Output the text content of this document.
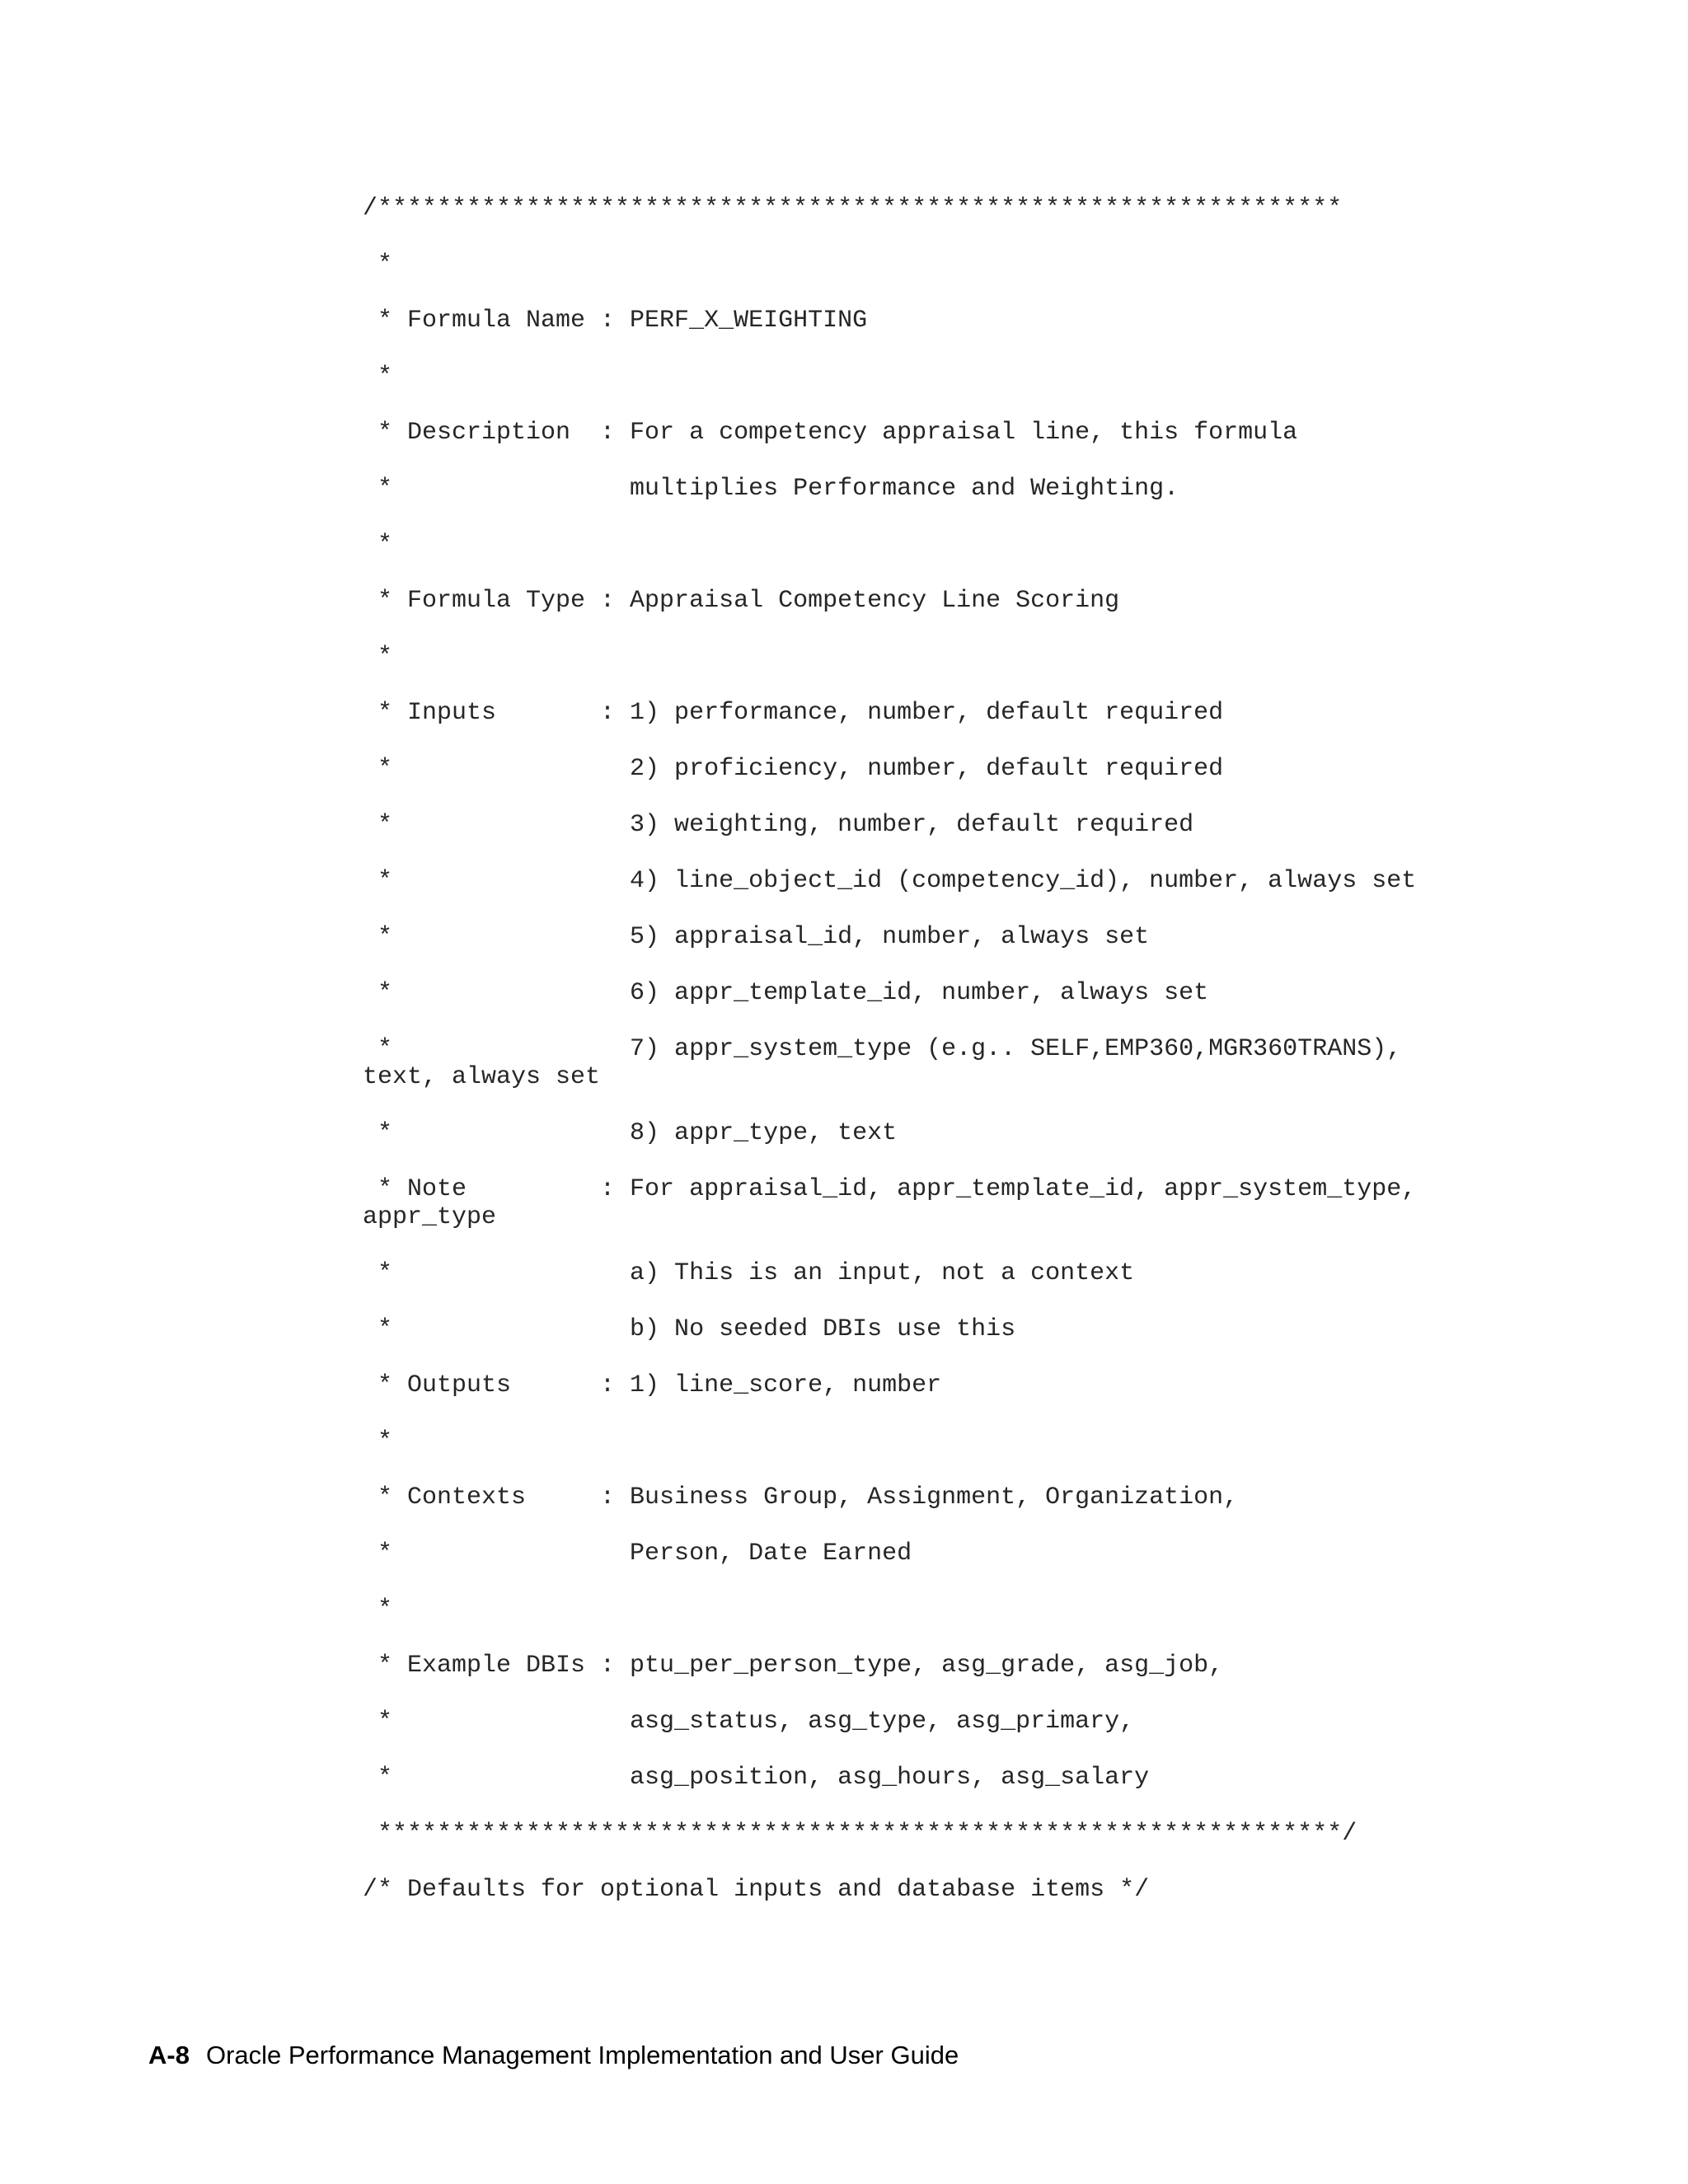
/*****************************************************************
*
* Formula Name : PERF_X_WEIGHTING
*
* Description  : For a competency appraisal line, this formula
*                multiplies Performance and Weighting.
*
* Formula Type : Appraisal Competency Line Scoring
*
* Inputs       : 1) performance, number, default required
*                2) proficiency, number, default required
*                3) weighting, number, default required
*                4) line_object_id (competency_id), number, always set
*                5) appraisal_id, number, always set
*                6) appr_template_id, number, always set
*                7) appr_system_type (e.g.. SELF,EMP360,MGR360TRANS),
text, always set
*                8) appr_type, text
* Note         : For appraisal_id, appr_template_id, appr_system_type,
appr_type
*                a) This is an input, not a context
*                b) No seeded DBIs use this
* Outputs      : 1) line_score, number
*
* Contexts     : Business Group, Assignment, Organization,
*                Person, Date Earned
*
* Example DBIs : ptu_per_person_type, asg_grade, asg_job,
*                asg_status, asg_type, asg_primary,
*                asg_position, asg_hours, asg_salary
*****************************************************************/
/* Defaults for optional inputs and database items */
A-8 Oracle Performance Management Implementation and User Guide
